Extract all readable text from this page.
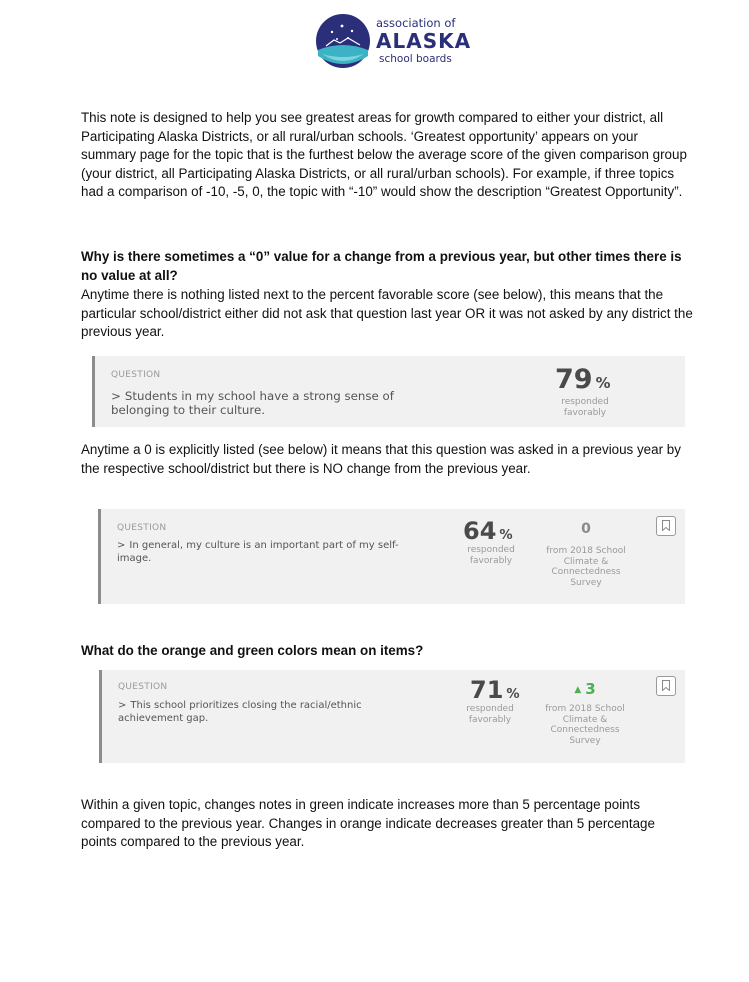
association of
ALASKA
school boards

This note is designed to help you see greatest areas for growth compared to either your district, all Participating Alaska Districts, or all rural/urban schools. ‘Greatest opportunity’ appears on your summary page for the topic that is the furthest below the average score of the given comparison group (your district, all Participating Alaska Districts, or all rural/urban schools). For example, if three topics had a comparison of -10, -5, 0, the topic with “-10” would show the description “Greatest Opportunity”.

Why is there sometimes a “0” value for a change from a previous year, but other times there is no value at all?

Anytime there is nothing listed next to the percent favorable score (see below), this means that the particular school/district either did not ask that question last year OR it was not asked by any district the previous year.

QUESTION
> Students in my school have a strong sense of belonging to their culture.
79 %
responded favorably

Anytime a 0 is explicitly listed (see below) it means that this question was asked in a previous year by the respective school/district but there is NO change from the previous year.

QUESTION
> In general, my culture is an important part of my self-image.
64 %
responded favorably
0
from 2018 School Climate & Connectedness Survey

What do the orange and green colors mean on items?

QUESTION
> This school prioritizes closing the racial/ethnic achievement gap.
71 %
responded favorably
▲ 3
from 2018 School Climate & Connectedness Survey

Within a given topic, changes notes in green indicate increases more than 5 percentage points compared to the previous year. Changes in orange indicate decreases greater than 5 percentage points compared to the previous year.
